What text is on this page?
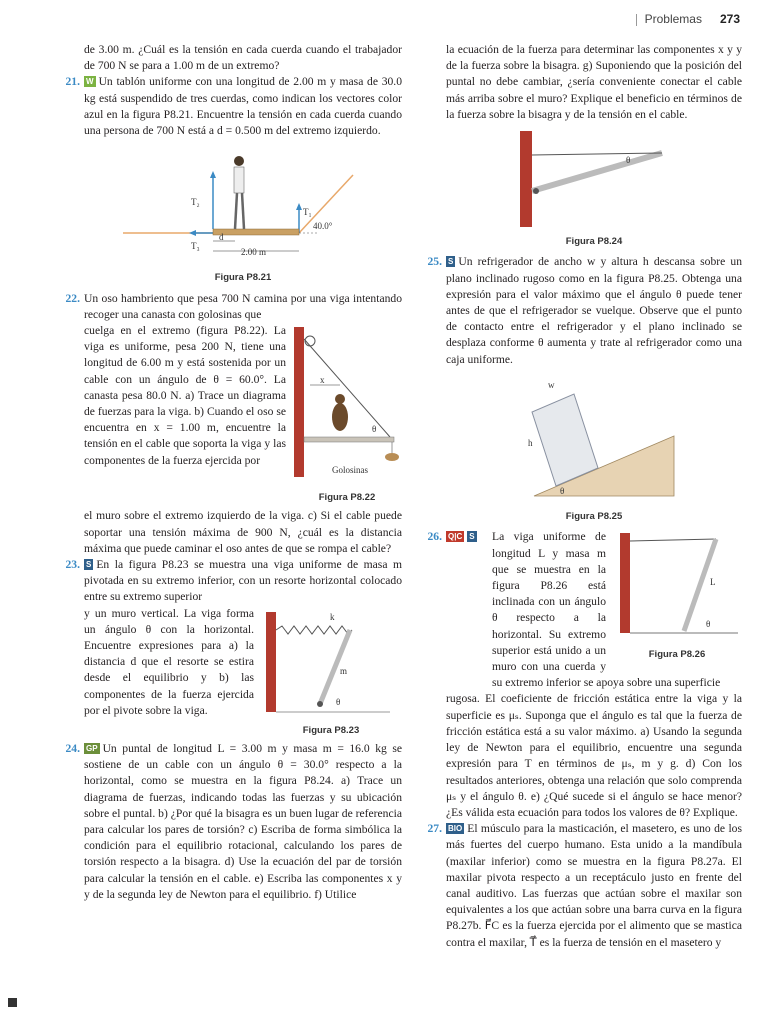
Problemas 273

de 3.00 m. ¿Cuál es la tensión en cada cuerda cuando el trabajador de 700 N se para a 1.00 m de un extremo?

21. W Un tablón uniforme con una longitud de 2.00 m y masa de 30.0 kg está suspendido de tres cuerdas, como indican los vectores color azul en la figura P8.21. Encuentre la tensión en cada cuerda cuando una persona de 700 N está a d = 0.500 m del extremo izquierdo.

T₂
T₁
T₃
40.0°
d
2.00 m
Figura P8.21

22. Un oso hambriento que pesa 700 N camina por una viga intentando recoger una canasta con golosinas que

x
θ
Golosinas
Figura P8.22

cuelga en el extremo (figura P8.22). La viga es uniforme, pesa 200 N, tiene una longitud de 6.00 m y está sostenida por un cable con un ángulo de θ = 60.0°. La canasta pesa 80.0 N. a) Trace un diagrama de fuerzas para la viga. b) Cuando el oso se encuentra en x = 1.00 m, encuentre la tensión en el cable que soporta la viga y las componentes de la fuerza ejercida por

el muro sobre el extremo izquierdo de la viga. c) Si el cable puede soportar una tensión máxima de 900 N, ¿cuál es la distancia máxima que puede caminar el oso antes de que se rompa el cable?

23. S En la figura P8.23 se muestra una viga uniforme de masa m pivotada en su extremo inferior, con un resorte horizontal colocado entre su extremo superior

k
m
θ
Figura P8.23

y un muro vertical. La viga forma un ángulo θ con la horizontal. Encuentre expresiones para a) la distancia d que el resorte se estira desde el equilibrio y b) las componentes de la fuerza ejercida por el pivote sobre la viga.

24. GP Un puntal de longitud L = 3.00 m y masa m = 16.0 kg se sostiene de un cable con un ángulo θ = 30.0° respecto a la horizontal, como se muestra en la figura P8.24. a) Trace un diagrama de fuerzas, indicando todas las fuerzas y su ubicación sobre el puntal. b) ¿Por qué la bisagra es un buen lugar de referencia para calcular los pares de torsión? c) Escriba de forma simbólica la condición para el equilibrio rotacional, calculando los pares de torsión respecto a la bisagra. d) Use la ecuación del par de torsión para calcular la tensión en el cable. e) Escriba las componentes x y y de la segunda ley de Newton para el equilibrio. f) Utilice

la ecuación de la fuerza para determinar las componentes x y y de la fuerza sobre la bisagra. g) Suponiendo que la posición del puntal no debe cambiar, ¿sería conveniente conectar el cable más arriba sobre el muro? Explique el beneficio en términos de la fuerza sobre la bisagra y de la tensión en el cable.

θ
Figura P8.24

25. S Un refrigerador de ancho w y altura h descansa sobre un plano inclinado rugoso como en la figura P8.25. Obtenga una expresión para el valor máximo que el ángulo θ puede tener antes de que el refrigerador se vuelque. Observe que el punto de contacto entre el refrigerador y el plano inclinado se desplaza conforme θ aumenta y trate al refrigerador como una caja uniforme.

w
h
θ
Figura P8.25

26. Q|C S

L
θ
Figura P8.26

La viga uniforme de longitud L y masa m que se muestra en la figura P8.26 está inclinada con un ángulo θ respecto a la horizontal. Su extremo superior está unido a un muro con una cuerda y su extremo inferior se apoya sobre una superficie

rugosa. El coeficiente de fricción estática entre la viga y la superficie es μₛ. Suponga que el ángulo es tal que la fuerza de fricción estática está a su valor máximo. a) Usando la segunda ley de Newton para el equilibrio, encuentre una segunda expresión para T en términos de μₛ, m y g. d) Con los resultados anteriores, obtenga una relación que solo comprenda μₛ y el ángulo θ. e) ¿Qué sucede si el ángulo se hace menor? ¿Es válida esta ecuación para todos los valores de θ? Explique.

27. BIO El músculo para la masticación, el masetero, es uno de los más fuertes del cuerpo humano. Esta unido a la mandíbula (maxilar inferior) como se muestra en la figura P8.27a. El maxilar pivota respecto a un receptáculo justo en frente del canal auditivo. Las fuerzas que actúan sobre el maxilar son equivalentes a los que actúan sobre una barra curva en la figura P8.27b. F⃗C es la fuerza ejercida por el alimento que se mastica contra el maxilar, T⃗ es la fuerza de tensión en el masetero y
